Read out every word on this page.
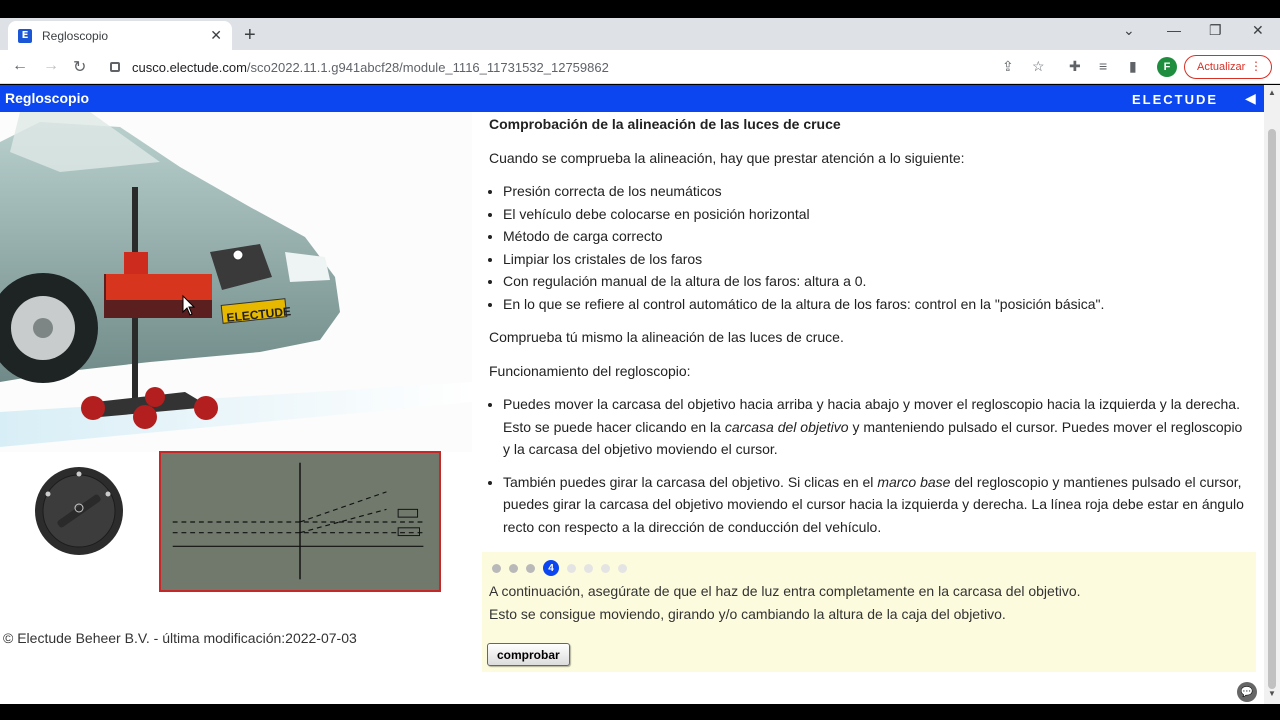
E Regloscopio	✕ +	⌄ — ❐ ✕
← → ↻	cusco.electude.com /sco2022.11.1.g941abcf28/module_1116_11731532_12759862	⇪ ☆ ✚ ≡ ▮	F	Actualizar ⋮
Regloscopio	ELECTUDE ◀
ELECTUDE
© Electude Beheer B.V. - última modificación:2022-07-03
Comprobación de la alineación de las luces de cruce

Cuando se comprueba la alineación, hay que prestar atención a lo siguiente:

• Presión correcta de los neumáticos
• El vehículo debe colocarse en posición horizontal
• Método de carga correcto
• Limpiar los cristales de los faros
• Con regulación manual de la altura de los faros: altura a 0.
• En lo que se refiere al control automático de la altura de los faros: control en la "posición básica".

Comprueba tú mismo la alineación de las luces de cruce.

Funcionamiento del regloscopio:

• Puedes mover la carcasa del objetivo hacia arriba y hacia abajo y mover el regloscopio hacia la izquierda y la derecha. Esto se puede hacer clicando en la carcasa del objetivo y manteniendo pulsado el cursor. Puedes mover el regloscopio y la carcasa del objetivo moviendo el cursor.
• También puedes girar la carcasa del objetivo. Si clicas en el marco base del regloscopio y mantienes pulsado el cursor, puedes girar la carcasa del objetivo moviendo el cursor hacia la izquierda y derecha. La línea roja debe estar en ángulo recto con respecto a la dirección de conducción del vehículo.
4
A continuación, asegúrate de que el haz de luz entra completamente en la carcasa del objetivo.
Esto se consigue moviendo, girando y/o cambiando la altura de la caja del objetivo.
comprobar
▲
▼
💬
